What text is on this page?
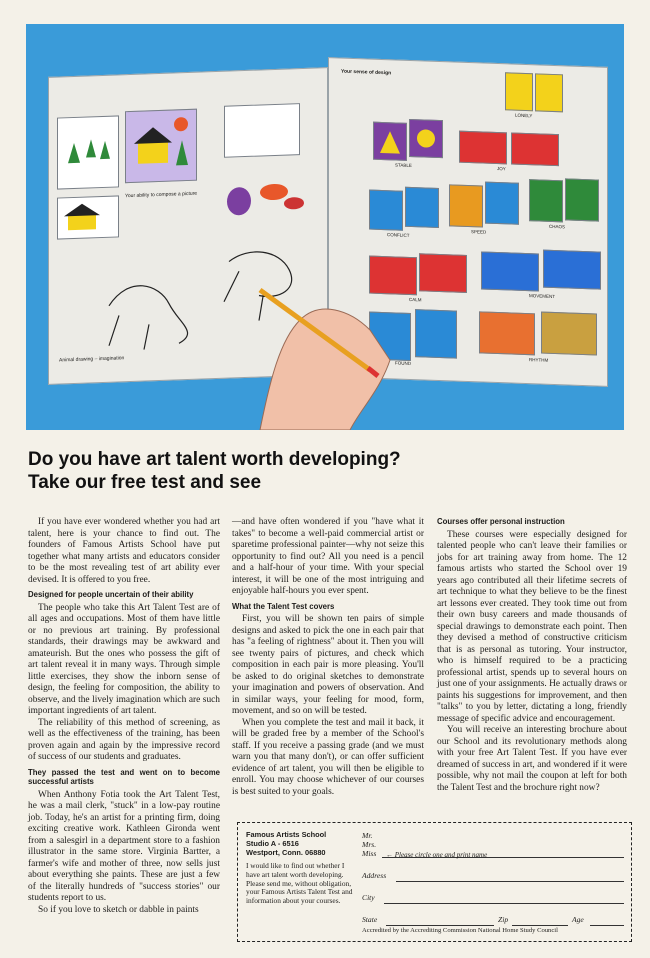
Your ability to compose a picture
Animal drawing – imagination
Your sense of design
LONELY
STABLE
JOY
CONFLICT
SPEED
CHAOS
CALM
MOVEMENT
FOUND
RHYTHM
Do you have art talent worth developing?
Take our free test and see

If you have ever wondered whether you had art talent, here is your chance to find out. The founders of Famous Artists School have put together what many artists and educators consider to be the most revealing test of art ability ever devised. It is offered to you free.

Designed for people uncertain of their ability

The people who take this Art Talent Test are of all ages and occupations. Most of them have little or no previous art training. By professional standards, their drawings may be awkward and amateurish. But the ones who possess the gift of art talent reveal it in many ways. Through simple little exercises, they show the inborn sense of design, the feeling for composition, the ability to observe, and the lively imagination which are such important ingredients of art talent.

The reliability of this method of screening, as well as the effectiveness of the training, has been proven again and again by the impressive record of success of our students and graduates.

They passed the test and went on to become successful artists

When Anthony Fotia took the Art Talent Test, he was a mail clerk, "stuck" in a low-pay routine job. Today, he's an artist for a printing firm, doing exciting creative work. Kathleen Gironda went from a salesgirl in a department store to a fashion illustrator in the same store. Virginia Bartter, a farmer's wife and mother of three, now sells just about everything she paints. These are just a few of the literally hundreds of "success stories" our students report to us.

So if you love to sketch or dabble in paints

—and have often wondered if you "have what it takes" to become a well-paid commercial artist or sparetime professional painter—why not seize this opportunity to find out? All you need is a pencil and a half-hour of your time. With your special interest, it will be one of the most intriguing and enjoyable half-hours you ever spent.

What the Talent Test covers

First, you will be shown ten pairs of simple designs and asked to pick the one in each pair that has "a feeling of rightness" about it. Then you will see twenty pairs of pictures, and check which composition in each pair is more pleasing. You'll be asked to do original sketches to demonstrate your imagination and powers of observation. And in similar ways, your feeling for mood, form, movement, and so on will be tested.

When you complete the test and mail it back, it will be graded free by a member of the School's staff. If you receive a passing grade (and we must warn you that many don't), or can offer sufficient evidence of art talent, you will then be eligible to enroll. You may choose whichever of our courses is best suited to your goals.

Courses offer personal instruction

These courses were especially designed for talented people who can't leave their families or jobs for art training away from home. The 12 famous artists who started the School over 19 years ago contributed all their lifetime secrets of art technique to what they believe to be the finest art lessons ever created. They took time out from their own busy careers and made thousands of special drawings to demonstrate each point. Then they devised a method of constructive criticism that is as personal as tutoring. Your instructor, who is himself required to be a practicing professional artist, spends up to several hours on just one of your assignments. He actually draws or paints his suggestions for improvement, and then "talks" to you by letter, dictating a long, friendly message of specific advice and encouragement.

You will receive an interesting brochure about our School and its revolutionary methods along with your free Art Talent Test. If you have ever dreamed of success in art, and wondered if it were possible, why not mail the coupon at left for both the Talent Test and the brochure right now?

Famous Artists School
Studio A - 6516
Westport, Conn. 06880
I would like to find out whether I have art talent worth developing. Please send me, without obligation, your Famous Artists Talent Test and information about your courses.
Mr.
Mrs.
Miss ← Please circle one and print name
Address
City
State	Zip	Age
Accredited by the Accrediting Commission National Home Study Council
